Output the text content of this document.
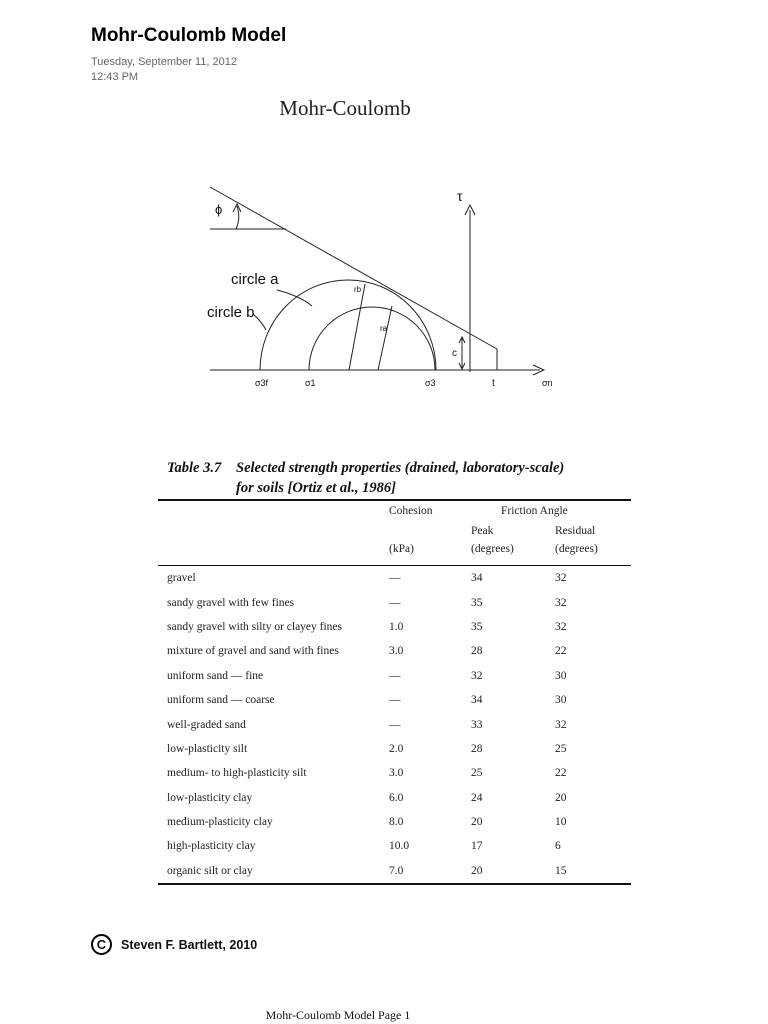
Mohr-Coulomb Model
Tuesday, September 11, 2012
12:43 PM
Mohr-Coulomb
ϕ
τ
circle a
circle b
rb
ra
c
σ3f	σ1	σ3	t	σn
Table 3.7 Selected strength properties (drained, laboratory-scale)
for soils [Ortiz et al., 1986]
	Cohesion	Friction Angle	
		Peak	Residual
	(kPa)	(degrees)	(degrees)
gravel	—	34	32
sandy gravel with few fines	—	35	32
sandy gravel with silty or clayey fines	1.0	35	32
mixture of gravel and sand with fines	3.0	28	22
uniform sand — fine	—	32	30
uniform sand — coarse	—	34	30
well-graded sand	—	33	32
low-plasticity silt	2.0	28	25
medium- to high-plasticity silt	3.0	25	22
low-plasticity clay	6.0	24	20
medium-plasticity clay	8.0	20	10
high-plasticity clay	10.0	17	6
organic silt or clay	7.0	20	15
C	Steven F. Bartlett, 2010
Mohr-Coulomb Model Page 1
